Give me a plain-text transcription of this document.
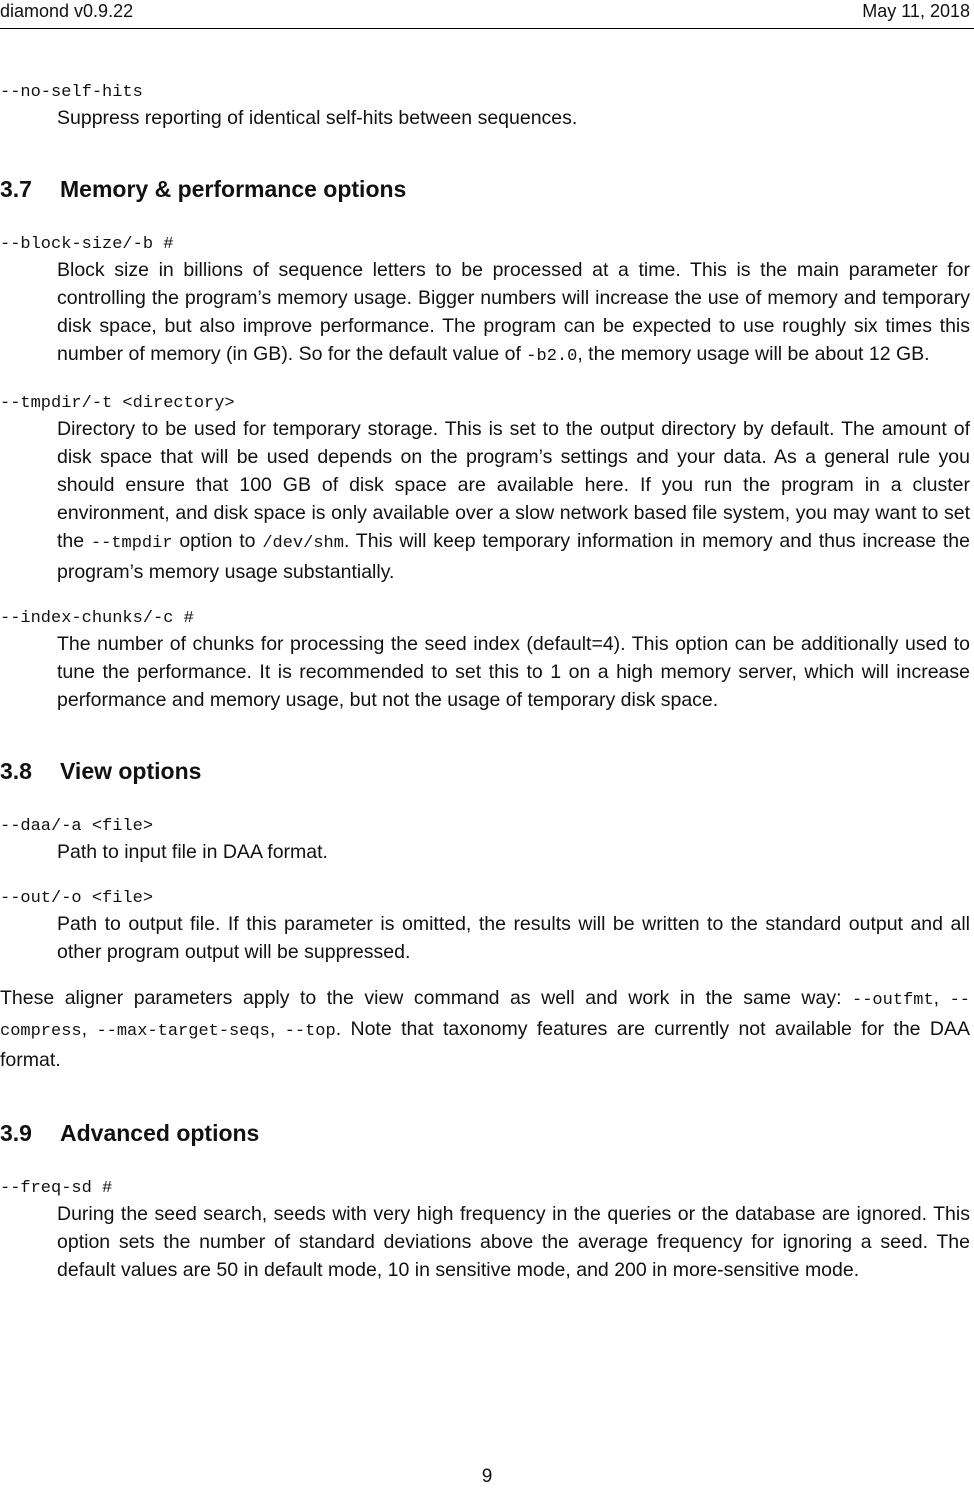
diamond v0.9.22	May 11, 2018

--no-self-hits

Suppress reporting of identical self-hits between sequences.

3.7 Memory & performance options

--block-size/-b #

Block size in billions of sequence letters to be processed at a time. This is the main parameter for controlling the program’s memory usage. Bigger numbers will increase the use of memory and temporary disk space, but also improve performance. The program can be expected to use roughly six times this number of memory (in GB). So for the default value of -b2.0, the memory usage will be about 12 GB.

--tmpdir/-t <directory>

Directory to be used for temporary storage. This is set to the output directory by default. The amount of disk space that will be used depends on the program’s settings and your data. As a general rule you should ensure that 100 GB of disk space are available here. If you run the program in a cluster environment, and disk space is only available over a slow network based file system, you may want to set the --tmpdir option to /dev/shm. This will keep temporary information in memory and thus increase the program’s memory usage substantially.

--index-chunks/-c #

The number of chunks for processing the seed index (default=4). This option can be additionally used to tune the performance. It is recommended to set this to 1 on a high memory server, which will increase performance and memory usage, but not the usage of temporary disk space.

3.8 View options

--daa/-a <file>

Path to input file in DAA format.

--out/-o <file>

Path to output file. If this parameter is omitted, the results will be written to the standard output and all other program output will be suppressed.

These aligner parameters apply to the view command as well and work in the same way: --outfmt, --compress, --max-target-seqs, --top. Note that taxonomy features are currently not available for the DAA format.

3.9 Advanced options

--freq-sd #

During the seed search, seeds with very high frequency in the queries or the database are ignored. This option sets the number of standard deviations above the average frequency for ignoring a seed. The default values are 50 in default mode, 10 in sensitive mode, and 200 in more-sensitive mode.

9
